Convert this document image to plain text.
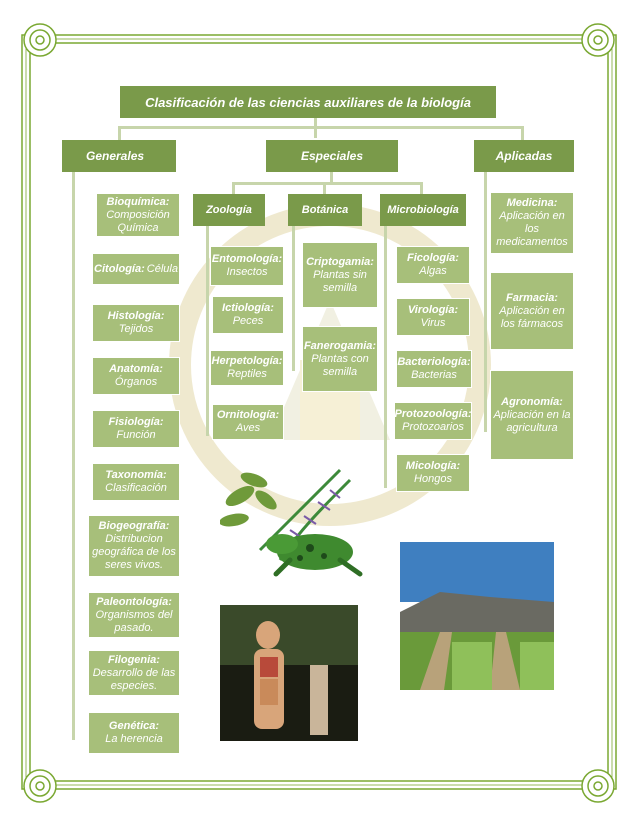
Clasificación de las ciencias auxiliares de la biología
Generales	Especiales	Aplicadas
Bioquímica:
Composición Química
Citología: Célula
Histología:
Tejidos
Anatomía:
Órganos
Fisiología:
Función
Taxonomía:
Clasificación
Biogeografía:
Distribucion geográfica de los seres vivos.
Paleontología:
Organismos del pasado.
Filogenia:
Desarrollo de las especies.
Genética:
La herencia
Zoología	Botánica	Microbiología
Entomología:
Insectos
Ictiología:
Peces
Herpetología:
Reptiles
Ornitología:
Aves
Criptogamia:
Plantas sin semilla
Fanerogamia:
Plantas con semilla
Ficología:
Algas
Virología:
Virus
Bacteriología:
Bacterias
Protozoología:
Protozoarios
Micología:
Hongos
Medicina:
Aplicación en los medicamentos
Farmacia:
Aplicación en los fármacos
Agronomía:
Aplicación en la agricultura
